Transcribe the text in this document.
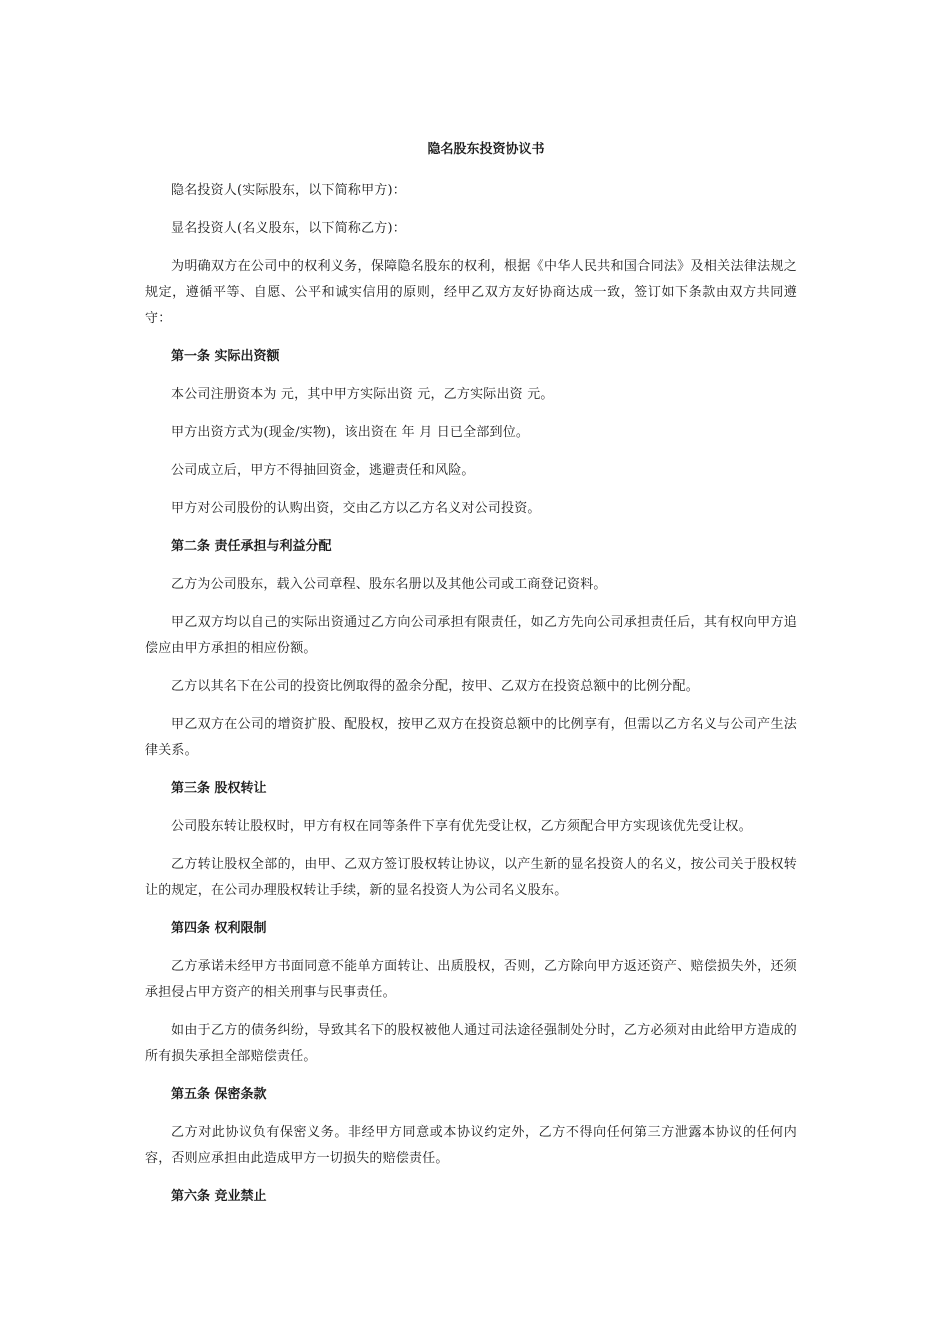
隐名股东投资协议书

隐名投资人(实际股东，以下简称甲方)：

显名投资人(名义股东，以下简称乙方)：

为明确双方在公司中的权利义务，保障隐名股东的权利，根据《中华人民共和国合同法》及相关法律法规之规定，遵循平等、自愿、公平和诚实信用的原则，经甲乙双方友好协商达成一致，签订如下条款由双方共同遵守：

第一条 实际出资额

本公司注册资本为 元，其中甲方实际出资 元，乙方实际出资 元。

甲方出资方式为(现金/实物)，该出资在 年 月 日已全部到位。

公司成立后，甲方不得抽回资金，逃避责任和风险。

甲方对公司股份的认购出资，交由乙方以乙方名义对公司投资。

第二条 责任承担与利益分配

乙方为公司股东，载入公司章程、股东名册以及其他公司或工商登记资料。

甲乙双方均以自己的实际出资通过乙方向公司承担有限责任，如乙方先向公司承担责任后，其有权向甲方追偿应由甲方承担的相应份额。

乙方以其名下在公司的投资比例取得的盈余分配，按甲、乙双方在投资总额中的比例分配。

甲乙双方在公司的增资扩股、配股权，按甲乙双方在投资总额中的比例享有，但需以乙方名义与公司产生法律关系。

第三条 股权转让

公司股东转让股权时，甲方有权在同等条件下享有优先受让权，乙方须配合甲方实现该优先受让权。

乙方转让股权全部的，由甲、乙双方签订股权转让协议，以产生新的显名投资人的名义，按公司关于股权转让的规定，在公司办理股权转让手续，新的显名投资人为公司名义股东。

第四条 权利限制

乙方承诺未经甲方书面同意不能单方面转让、出质股权，否则，乙方除向甲方返还资产、赔偿损失外，还须承担侵占甲方资产的相关刑事与民事责任。

如由于乙方的债务纠纷，导致其名下的股权被他人通过司法途径强制处分时，乙方必须对由此给甲方造成的所有损失承担全部赔偿责任。

第五条 保密条款

乙方对此协议负有保密义务。非经甲方同意或本协议约定外，乙方不得向任何第三方泄露本协议的任何内容，否则应承担由此造成甲方一切损失的赔偿责任。

第六条 竞业禁止
